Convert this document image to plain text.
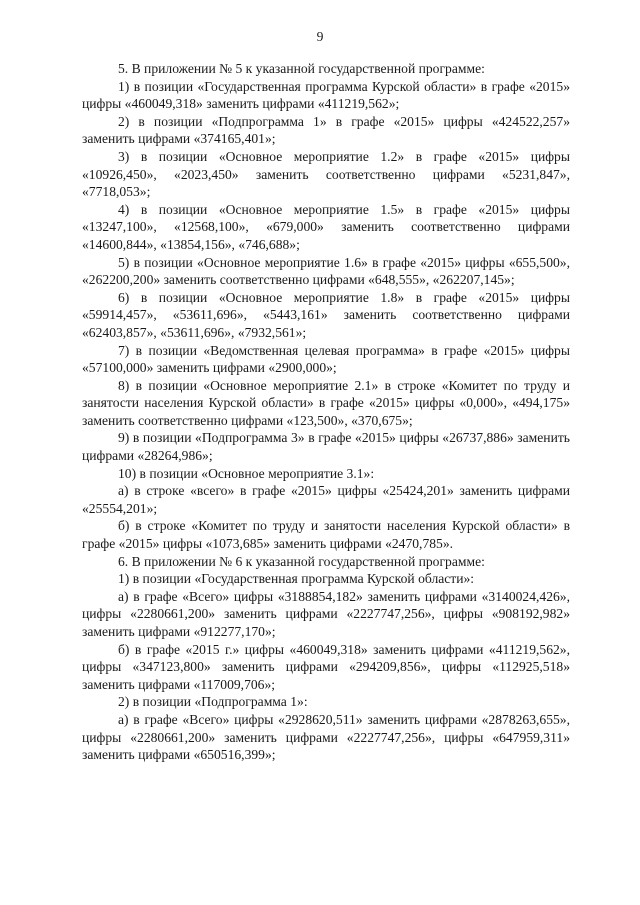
9

5. В приложении № 5 к указанной государственной программе:

1) в позиции «Государственная программа Курской области» в графе «2015» цифры «460049,318» заменить цифрами «411219,562»;

2) в позиции «Подпрограмма 1» в графе «2015» цифры «424522,257» заменить цифрами «374165,401»;

3) в позиции «Основное мероприятие 1.2» в графе «2015» цифры «10926,450», «2023,450» заменить соответственно цифрами «5231,847», «7718,053»;

4) в позиции «Основное мероприятие 1.5» в графе «2015» цифры «13247,100», «12568,100», «679,000» заменить соответственно цифрами «14600,844», «13854,156», «746,688»;

5) в позиции «Основное мероприятие 1.6» в графе «2015» цифры «655,500», «262200,200» заменить соответственно цифрами «648,555», «262207,145»;

6) в позиции «Основное мероприятие 1.8» в графе «2015» цифры «59914,457», «53611,696», «5443,161» заменить соответственно цифрами «62403,857», «53611,696», «7932,561»;

7) в позиции «Ведомственная целевая программа» в графе «2015» цифры «57100,000» заменить цифрами «2900,000»;

8) в позиции «Основное мероприятие 2.1» в строке «Комитет по труду и занятости населения Курской области» в графе «2015» цифры «0,000», «494,175» заменить соответственно цифрами «123,500», «370,675»;

9) в позиции «Подпрограмма 3» в графе «2015» цифры «26737,886» заменить цифрами «28264,986»;

10) в позиции «Основное мероприятие 3.1»:

а) в строке «всего» в графе «2015» цифры «25424,201» заменить цифрами «25554,201»;

б) в строке «Комитет по труду и занятости населения Курской области» в графе «2015» цифры «1073,685» заменить цифрами «2470,785».

6. В приложении № 6 к указанной государственной программе:

1) в позиции «Государственная программа Курской области»:

а) в графе «Всего» цифры «3188854,182» заменить цифрами «3140024,426», цифры «2280661,200» заменить цифрами «2227747,256», цифры «908192,982» заменить цифрами «912277,170»;

б) в графе «2015 г.» цифры «460049,318» заменить цифрами «411219,562», цифры «347123,800» заменить цифрами «294209,856», цифры «112925,518» заменить цифрами «117009,706»;

2) в позиции «Подпрограмма 1»:

а) в графе «Всего» цифры «2928620,511» заменить цифрами «2878263,655», цифры «2280661,200» заменить цифрами «2227747,256», цифры «647959,311» заменить цифрами «650516,399»;
